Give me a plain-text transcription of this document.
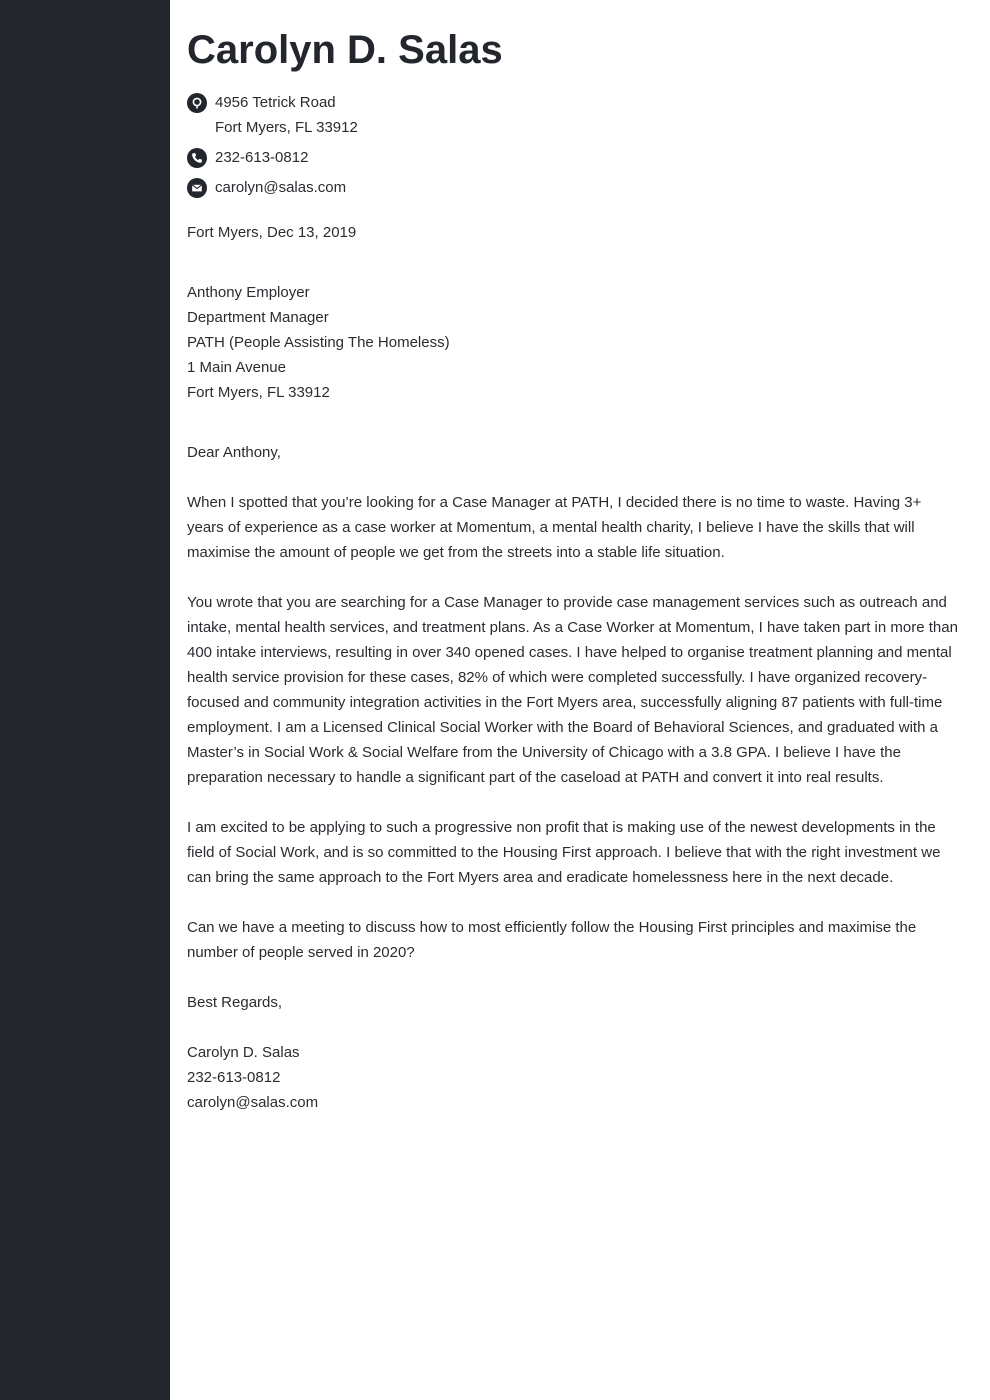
Carolyn D. Salas
4956 Tetrick Road
Fort Myers, FL 33912
232-613-0812
carolyn@salas.com
Fort Myers, Dec 13, 2019
Anthony Employer
Department Manager
PATH (People Assisting The Homeless)
1 Main Avenue
Fort Myers, FL 33912
Dear Anthony,

When I spotted that you’re looking for a Case Manager at PATH, I decided there is no time to waste. Having 3+ years of experience as a case worker at Momentum, a mental health charity, I believe I have the skills that will maximise the amount of people we get from the streets into a stable life situation.

You wrote that you are searching for a Case Manager to provide case management services such as outreach and intake, mental health services, and treatment plans. As a Case Worker at Momentum, I have taken part in more than 400 intake interviews, resulting in over 340 opened cases. I have helped to organise treatment planning and mental health service provision for these cases, 82% of which were completed successfully. I have organized recovery-focused and community integration activities in the Fort Myers area, successfully aligning 87 patients with full-time employment. I am a Licensed Clinical Social Worker with the Board of Behavioral Sciences, and graduated with a Master’s in Social Work & Social Welfare from the University of Chicago with a 3.8 GPA. I believe I have the preparation necessary to handle a significant part of the caseload at PATH and convert it into real results.

I am excited to be applying to such a progressive non profit that is making use of the newest developments in the field of Social Work, and is so committed to the Housing First approach. I believe that with the right investment we can bring the same approach to the Fort Myers area and eradicate homelessness here in the next decade.

Can we have a meeting to discuss how to most efficiently follow the Housing First principles and maximise the number of people served in 2020?

Best Regards,
Carolyn D. Salas
232-613-0812
carolyn@salas.com
